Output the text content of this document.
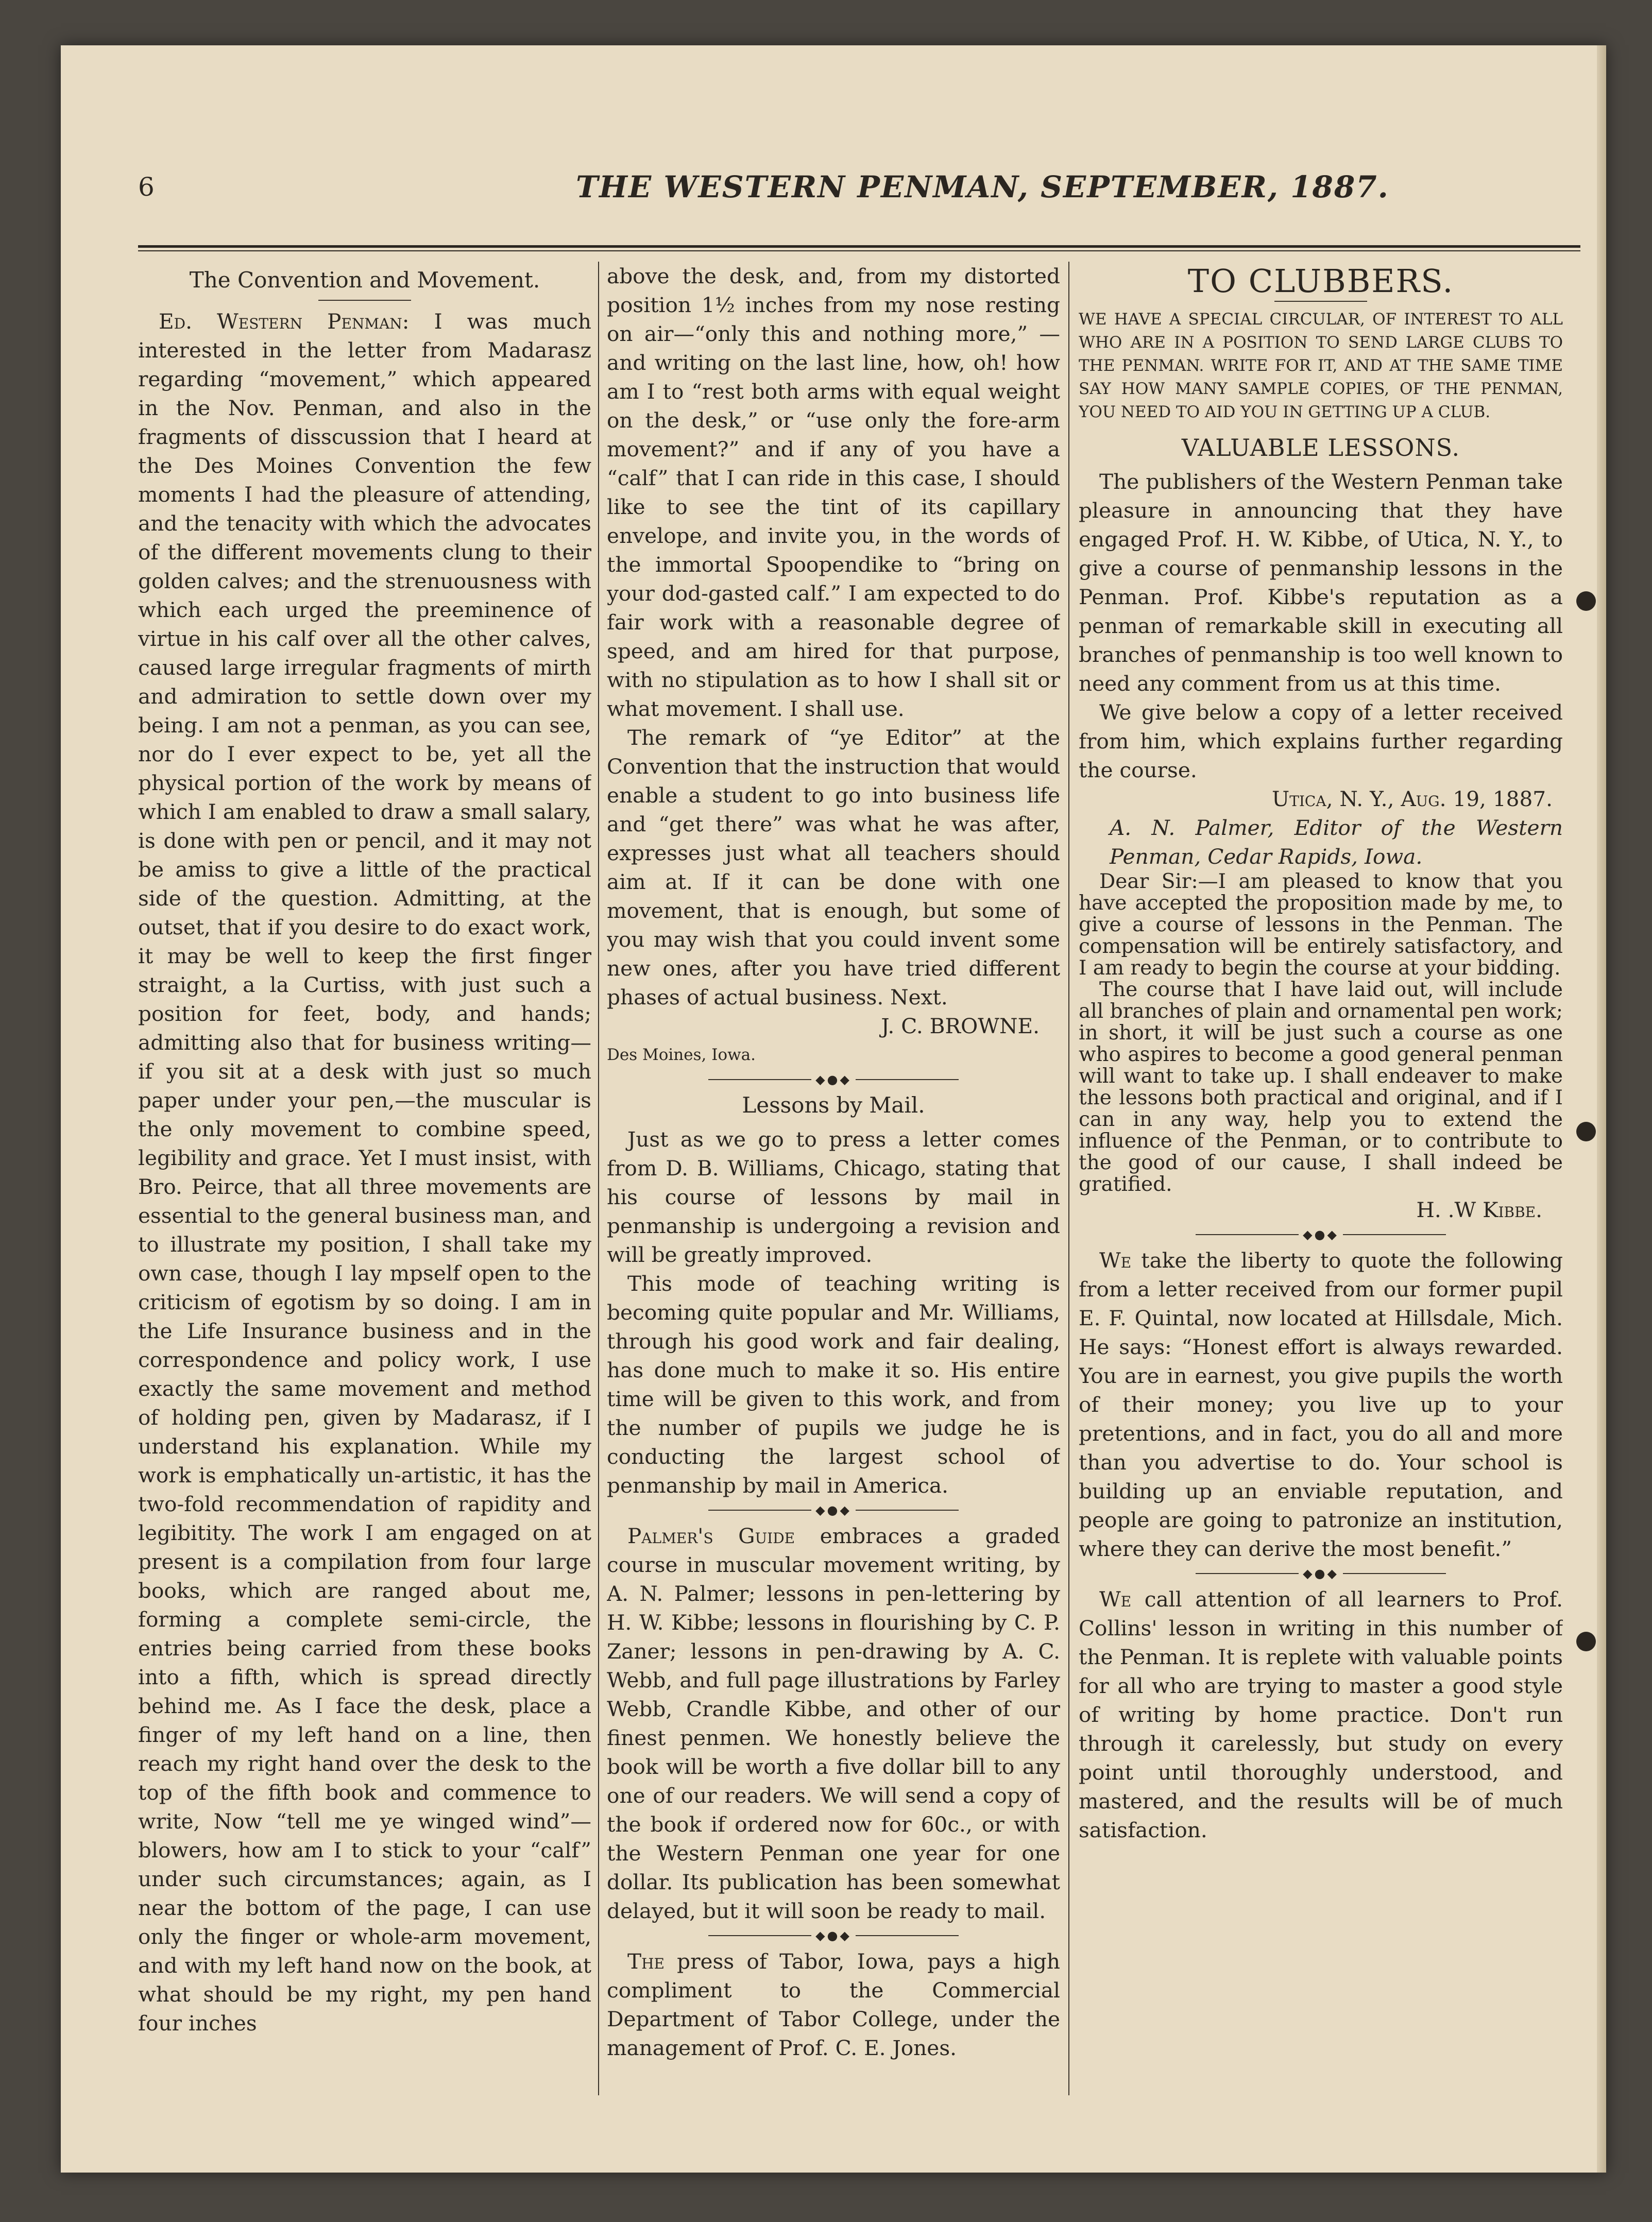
6	THE WESTERN PENMAN, SEPTEMBER, 1887.
The Convention and Movement.

Ed. Western Penman: I was much interested in the letter from Madarasz regarding “movement,” which appeared in the Nov. Penman, and also in the fragments of disscussion that I heard at the Des Moines Convention the few moments I had the pleasure of attending, and the tenacity with which the advocates of the different movements clung to their golden calves; and the strenuousness with which each urged the preeminence of virtue in his calf over all the other calves, caused large irregular fragments of mirth and admiration to settle down over my being. I am not a penman, as you can see, nor do I ever expect to be, yet all the physical portion of the work by means of which I am enabled to draw a small salary, is done with pen or pencil, and it may not be amiss to give a little of the practical side of the question. Admitting, at the outset, that if you desire to do exact work, it may be well to keep the first finger straight, a la Curtiss, with just such a position for feet, body, and hands; admitting also that for business writing—if you sit at a desk with just so much paper under your pen,—the muscular is the only movement to combine speed, legibility and grace. Yet I must insist, with Bro. Peirce, that all three movements are essential to the general business man, and to illustrate my position, I shall take my own case, though I lay mpself open to the criticism of egotism by so doing. I am in the Life Insurance business and in the correspondence and policy work, I use exactly the same movement and method of holding pen, given by Madarasz, if I understand his explanation. While my work is emphatically un-artistic, it has the two-fold recommendation of rapidity and legibitity. The work I am engaged on at present is a compilation from four large books, which are ranged about me, forming a complete semi-circle, the entries being carried from these books into a fifth, which is spread directly behind me. As I face the desk, place a finger of my left hand on a line, then reach my right hand over the desk to the top of the fifth book and commence to write, Now “tell me ye winged wind”—blowers, how am I to stick to your “calf” under such circumstances; again, as I near the bottom of the page, I can use only the finger or whole-arm movement, and with my left hand now on the book, at what should be my right, my pen hand four inches

above the desk, and, from my distorted position 1½ inches from my nose resting on air—“only this and nothing more,” —and writing on the last line, how, oh! how am I to “rest both arms with equal weight on the desk,” or “use only the fore-arm movement?” and if any of you have a “calf” that I can ride in this case, I should like to see the tint of its capillary envelope, and invite you, in the words of the immortal Spoopendike to “bring on your dod-gasted calf.” I am expected to do fair work with a reasonable degree of speed, and am hired for that purpose, with no stipulation as to how I shall sit or what movement. I shall use.

The remark of “ye Editor” at the Convention that the instruction that would enable a student to go into business life and “get there” was what he was after, expresses just what all teachers should aim at. If it can be done with one movement, that is enough, but some of you may wish that you could invent some new ones, after you have tried different phases of actual business. Next.

J. C. BROWNE.

Des Moines, Iowa.

◆●◆
Lessons by Mail.

Just as we go to press a letter comes from D. B. Williams, Chicago, stating that his course of lessons by mail in penmanship is undergoing a revision and will be greatly improved.

This mode of teaching writing is becoming quite popular and Mr. Williams, through his good work and fair dealing, has done much to make it so. His entire time will be given to this work, and from the number of pupils we judge he is conducting the largest school of penmanship by mail in America.

◆●◆

Palmer's Guide embraces a graded course in muscular movement writing, by A. N. Palmer; lessons in pen-lettering by H. W. Kibbe; lessons in flourishing by C. P. Zaner; lessons in pen-drawing by A. C. Webb, and full page illustrations by Farley Webb, Crandle Kibbe, and other of our finest penmen. We honestly believe the book will be worth a five dollar bill to any one of our readers. We will send a copy of the book if ordered now for 60c., or with the Western Penman one year for one dollar. Its publication has been somewhat delayed, but it will soon be ready to mail.

◆●◆

The press of Tabor, Iowa, pays a high compliment to the Commercial Department of Tabor College, under the management of Prof. C. E. Jones.

TO CLUBBERS.

WE HAVE A SPECIAL CIRCULAR, OF INTEREST TO ALL WHO ARE IN A POSITION TO SEND LARGE CLUBS TO THE PENMAN. WRITE FOR IT, AND AT THE SAME TIME SAY HOW MANY SAMPLE COPIES, OF THE PENMAN, YOU NEED TO AID YOU IN GETTING UP A CLUB.

VALUABLE LESSONS.

The publishers of the Western Penman take pleasure in announcing that they have engaged Prof. H. W. Kibbe, of Utica, N. Y., to give a course of penmanship lessons in the Penman. Prof. Kibbe's reputation as a penman of remarkable skill in executing all branches of penmanship is too well known to need any comment from us at this time.

We give below a copy of a letter received from him, which explains further regarding the course.

Utica, N. Y., Aug. 19, 1887.

A. N. Palmer, Editor of the Western Penman, Cedar Rapids, Iowa.

Dear Sir:—I am pleased to know that you have accepted the proposition made by me, to give a course of lessons in the Penman. The compensation will be entirely satisfactory, and I am ready to begin the course at your bidding.

The course that I have laid out, will include all branches of plain and ornamental pen work; in short, it will be just such a course as one who aspires to become a good general penman will want to take up. I shall endeaver to make the lessons both practical and original, and if I can in any way, help you to extend the influence of the Penman, or to contribute to the good of our cause, I shall indeed be gratified.

H. .W Kibbe.

◆●◆

We take the liberty to quote the following from a letter received from our former pupil E. F. Quintal, now located at Hillsdale, Mich. He says: “Honest effort is always rewarded. You are in earnest, you give pupils the worth of their money; you live up to your pretentions, and in fact, you do all and more than you advertise to do. Your school is building up an enviable reputation, and people are going to patronize an institution, where they can derive the most benefit.”

◆●◆

We call attention of all learners to Prof. Collins' lesson in writing in this number of the Penman. It is replete with valuable points for all who are trying to master a good style of writing by home practice. Don't run through it carelessly, but study on every point until thoroughly understood, and mastered, and the results will be of much satisfaction.
